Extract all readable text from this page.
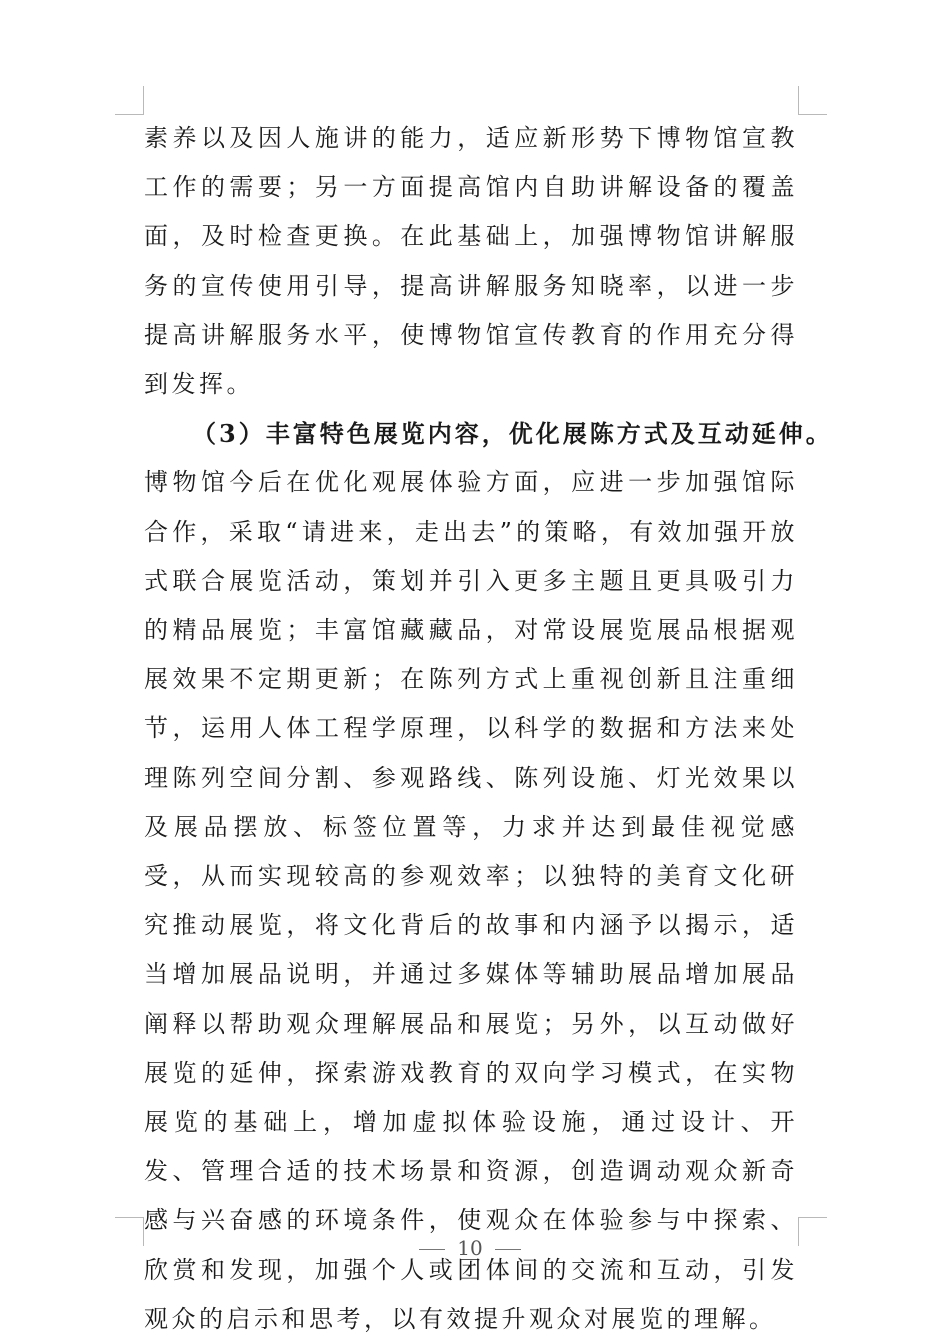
素养以及因人施讲的能力，适应新形势下博物馆宣教工作的需要；另一方面提高馆内自助讲解设备的覆盖面，及时检查更换。在此基础上，加强博物馆讲解服务的宣传使用引导，提高讲解服务知晓率，以进一步提高讲解服务水平，使博物馆宣传教育的作用充分得到发挥。

（3）丰富特色展览内容，优化展陈方式及互动延伸。

博物馆今后在优化观展体验方面，应进一步加强馆际合作，采取“请进来，走出去”的策略，有效加强开放式联合展览活动，策划并引入更多主题且更具吸引力的精品展览；丰富馆藏藏品，对常设展览展品根据观展效果不定期更新；在陈列方式上重视创新且注重细节，运用人体工程学原理，以科学的数据和方法来处理陈列空间分割、参观路线、陈列设施、灯光效果以及展品摆放、标签位置等，力求并达到最佳视觉感受，从而实现较高的参观效率；以独特的美育文化研究推动展览，将文化背后的故事和内涵予以揭示，适当增加展品说明，并通过多媒体等辅助展品增加展品阐释以帮助观众理解展品和展览；另外，以互动做好展览的延伸，探索游戏教育的双向学习模式，在实物展览的基础上，增加虚拟体验设施，通过设计、开发、管理合适的技术场景和资源，创造调动观众新奇感与兴奋感的环境条件，使观众在体验参与中探索、欣赏和发现，加强个人或团体间的交流和互动，引发观众的启示和思考，以有效提升观众对展览的理解。

10
